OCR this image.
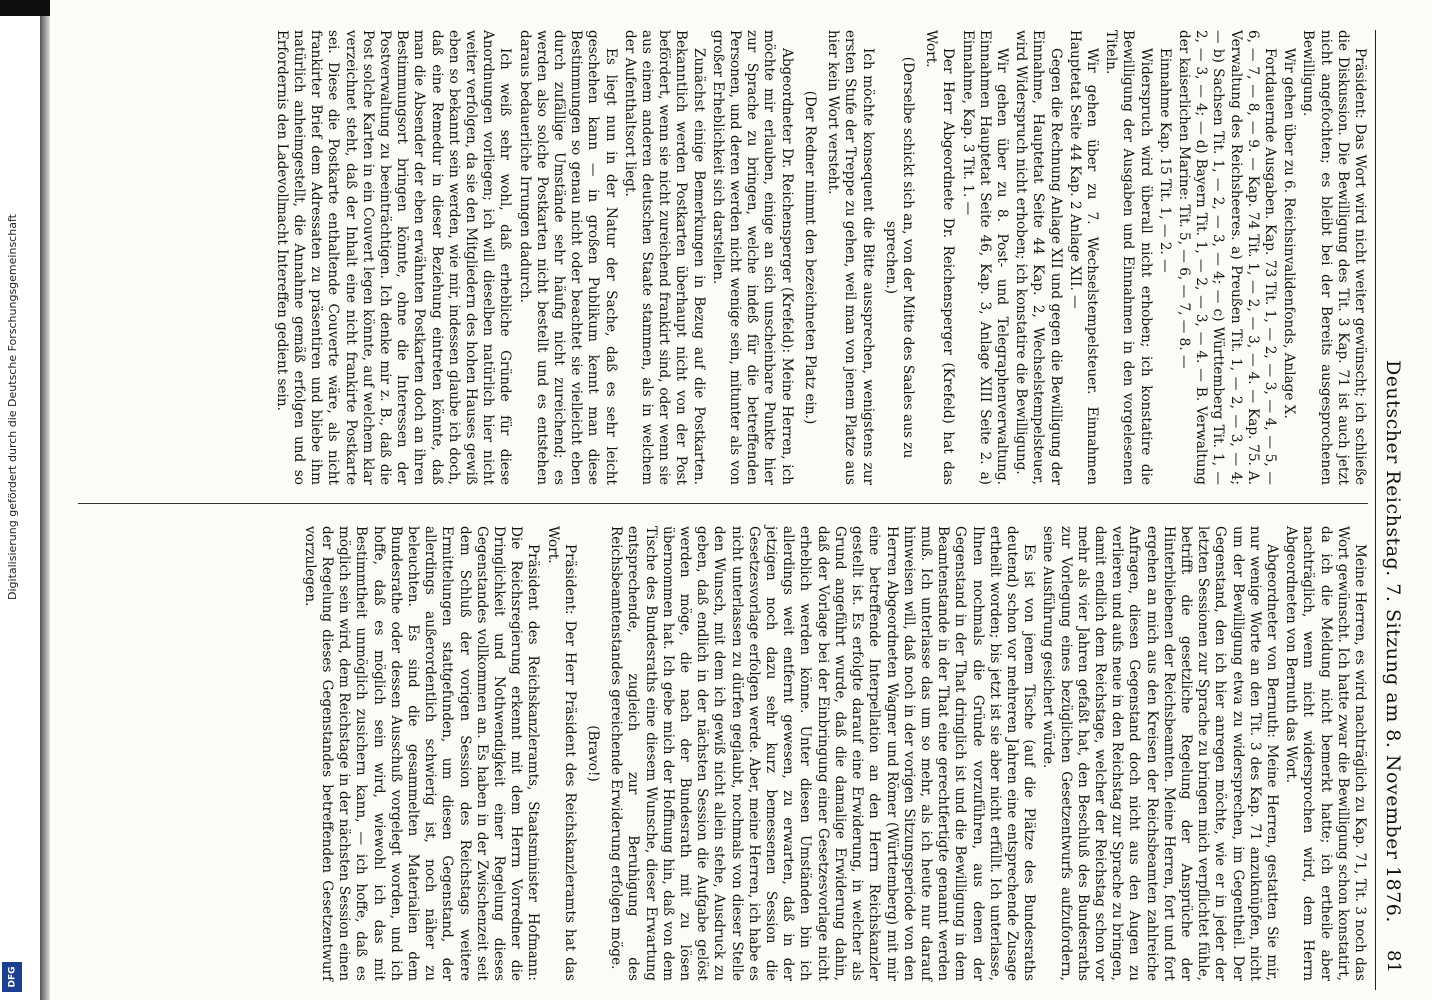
Deutscher Reichstag. 7. Sitzung am 8. November 1876.
81

Präsident: Das Wort wird nicht weiter gewünscht; ich schließe die Diskussion. Die Bewilligung des Tit. 3 Kap. 71 ist auch jetzt nicht angefochten; es bleibt bei der Bereits ausgesprochenen Bewilligung.

Wir gehen über zu 6. Reichsinvalidenfonds, Anlage X.

Fortdauernde Ausgaben. Kap. 73 Tit. 1, — 2, — 3, — 4, — 5, — 6, — 7, — 8, — 9. — Kap. 74 Tit. 1, — 2, — 3, — 4. — Kap. 75. A. Verwaltung des Reichsheeres. a) Preußen Tit. 1, — 2, — 3, — 4; — b) Sachsen Tit. 1, — 2, — 3, — 4; — c) Württemberg Tit. 1, — 2, — 3, — 4; — d) Bayern Tit. 1, — 2, — 3, — 4. — B. Verwaltung der kaiserlichen Marine: Tit. 5, — 6, — 7, — 8. —

Einnahme Kap. 15 Tit. 1, — 2. —

Widerspruch wird überall nicht erhoben; ich konstatire die Bewilligung der Ausgaben und Einnahmen in den vorgelesenen Titeln.

Wir gehen über zu 7. Wechselstempelsteuer. Einnahmen Hauptetat Seite 44 Kap. 2 Anlage XII. —

Gegen die Rechnung Anlage XII und gegen die Bewilligung der Einnahme, Hauptetat Seite 44 Kap. 2, Wechselstempelsteuer, wird Widerspruch nicht erhoben; ich konstatire die Bewilligung.

Wir gehen über zu 8. Post- und Telegraphenverwaltung. Einnahmen Hauptetat Seite 46, Kap. 3, Anlage XIII Seite 2. a) Einnahme, Kap. 3 Tit. 1. —

Der Herr Abgeordnete Dr. Reichensperger (Krefeld) hat das Wort.

(Derselbe schickt sich an, von der Mitte des Saales aus zu sprechen.)

Ich möchte konsequent die Bitte aussprechen, wenigstens zur ersten Stufe der Treppe zu gehen, weil man von jenem Platze aus hier kein Wort versteht.

(Der Redner nimmt den bezeichneten Platz ein.)

Abgeordneter Dr. Reichensperger (Krefeld): Meine Herren, ich möchte mir erlauben, einige an sich unscheinbare Punkte hier zur Sprache zu bringen, welche indeß für die betreffenden Personen, und deren werden nicht wenige sein, mitunter als von großer Erheblichkeit sich darstellen.

Zunächst einige Bemerkungen in Bezug auf die Postkarten. Bekanntlich werden Postkarten überhaupt nicht von der Post befördert, wenn sie nicht zureichend frankirt sind, oder wenn sie aus einem anderen deutschen Staate stammen, als in welchem der Aufenthaltsort liegt.

Es liegt nun in der Natur der Sache, daß es sehr leicht geschehen kann — in großen Publikum kennt man diese Bestimmungen so genau nicht oder beachtet sie vielleicht eben durch zufällige Umstände sehr häufig nicht zureichend; es werden also solche Postkarten nicht bestellt und es entstehen daraus bedauerliche Irrungen dadurch.

Ich weiß sehr wohl, daß erhebliche Gründe für diese Anordnungen vorliegen; ich will dieselben natürlich hier nicht weiter verfolgen, da sie den Mitgliedern des hohen Hauses gewiß eben so bekannt sein werden, wie mir, indessen glaube ich doch, daß eine Remedur in dieser Beziehung eintreten könnte, daß man die Absender der eben erwähnten Postkarten doch an ihren Bestimmungsort bringen könnte, ohne die Interessen der Postverwaltung zu beeinträchtigen. Ich denke mir z. B., daß die Post solche Karten in ein Couvert legen könnte, auf welchem klar verzeichnet steht, daß der Inhalt eine nicht frankirte Postkarte sei. Diese die Postkarte enthaltende Couverte wäre, als nicht frankirter Brief dem Adressaten zu präsentiren und bliebe ihm natürlich anheimgestellt, die Annahme gemäß erfolgen und so Erfordernis den Ladevollmacht Intereffen gedient sein.

Meine Herren, es wird nachträglich zu Kap. 71, Tit. 3 noch das Wort gewünscht. Ich hatte zwar die Bewilligung schon konstatirt, da ich die Meldung nicht bemerkt hatte; ich ertheile aber nachträglich, wenn nicht widersprochen wird, dem Herrn Abgeordneten von Bernuth das Wort.

Abgeordneter von Bernuth: Meine Herren, gestatten Sie mir, nur wenige Worte an den Tit. 3 des Kap. 71 anzuknüpfen, nicht um der Bewilligung etwa zu widersprechen, im Gegentheil. Der Gegenstand, den ich hier anregen möchte, wie er in jeder der letzten Sessionen zur Sprache zu bringen mich verpflichtet fühle, betrifft die gesetzliche Regelung der Ansprüche der Hinterbliebenen der Reichsbeamten. Meine Herren, fort und fort ergehen an mich aus den Kreisen der Reichsbeamten zahlreiche Anfragen, diesen Gegenstand doch nicht aus den Augen zu verlieren und aufs neue in den Reichstag zur Sprache zu bringen, damit endlich dem Reichstage, welcher der Reichstag schon vor mehr als vier Jahren gefaßt hat, den Beschluß des Bundesraths zur Vorlegung eines bezüglichen Gesetzentwurfs aufzufordern, seine Ausführung gesichert würde.

Es ist von jenem Tische (auf die Plätze des Bundesraths deutend) schon vor mehreren Jahren eine entsprechende Zusage ertheilt worden; bis jetzt ist sie aber nicht erfüllt. Ich unterlasse, Ihnen nochmals die Gründe vorzuführen, aus denen der Gegenstand in der That dringlich ist und die Bewilligung in dem Beamtenstande in der That eine gerechtfertigte genannt werden muß. Ich unterlasse das um so mehr, als ich heute nur darauf hinweisen will, daß noch in der vorigen Sitzungsperiode von den Herren Abgeordneten Wagner und Römer (Württemberg) mit mir eine betreffende Interpellation an den Herrn Reichskanzler gestellt ist. Es erfolgte darauf eine Erwiderung, in welcher als Grund angeführt wurde, daß die damalige Erwiderung dahin, daß der Vorlage bei der Einbringung einer Gesetzesvorlage nicht erheblich werden könne. Unter diesen Umständen bin ich allerdings weit entfernt gewesen, zu erwarten, daß in der jetzigen noch dazu sehr kurz bemessenen Session die Gesetzesvorlage erfolgen werde. Aber, meine Herren, ich habe es nicht unterlassen zu dürfen geglaubt, nochmals von dieser Stelle den Wunsch, mit dem ich gewiß nicht allein stehe, Ausdruck zu geben, daß endlich in der nächsten Session die Aufgabe gelöst werden möge, die nach der Bundesrath mit zu lösen übernommen hat. Ich gebe mich der Hoffnung hin, daß von dem Tische des Bundesraths eine diesem Wunsche, dieser Erwartung entsprechende, zugleich zur Beruhigung des Reichsbeamtenstandes gereichende Erwiderung erfolgen möge.

(Bravo!)

Präsident: Der Herr Präsident des Reichskanzleramts hat das Wort.

Präsident des Reichskanzleramts, Staatsminister Hofmann: Die Reichsregierung erkennt mit dem Herrn Vorredner die Dringlichkeit und Nothwendigkeit einer Regelung dieses Gegenstandes vollkommen an. Es haben in der Zwischenzeit seit dem Schluß der vorigen Session des Reichstags weitere Ermittelungen stattgefunden, um diesen Gegenstand, der allerdings außerordentlich schwierig ist, noch näher zu beleuchten. Es sind die gesammelten Materialien dem Bundesrathe oder dessen Ausschuß vorgelegt worden, und ich hoffe, daß es möglich sein wird, wiewohl ich das mit Bestimmtheit unmöglich zusichern kann, — ich hoffe, daß es möglich sein wird, dem Reichstage in der nächsten Session einen der Regelung dieses Gegenstandes betreffenden Gesetzentwurf vorzulegen.

Digitalisierung gefördert durch die Deutsche Forschungsgemeinschaft
DFG
